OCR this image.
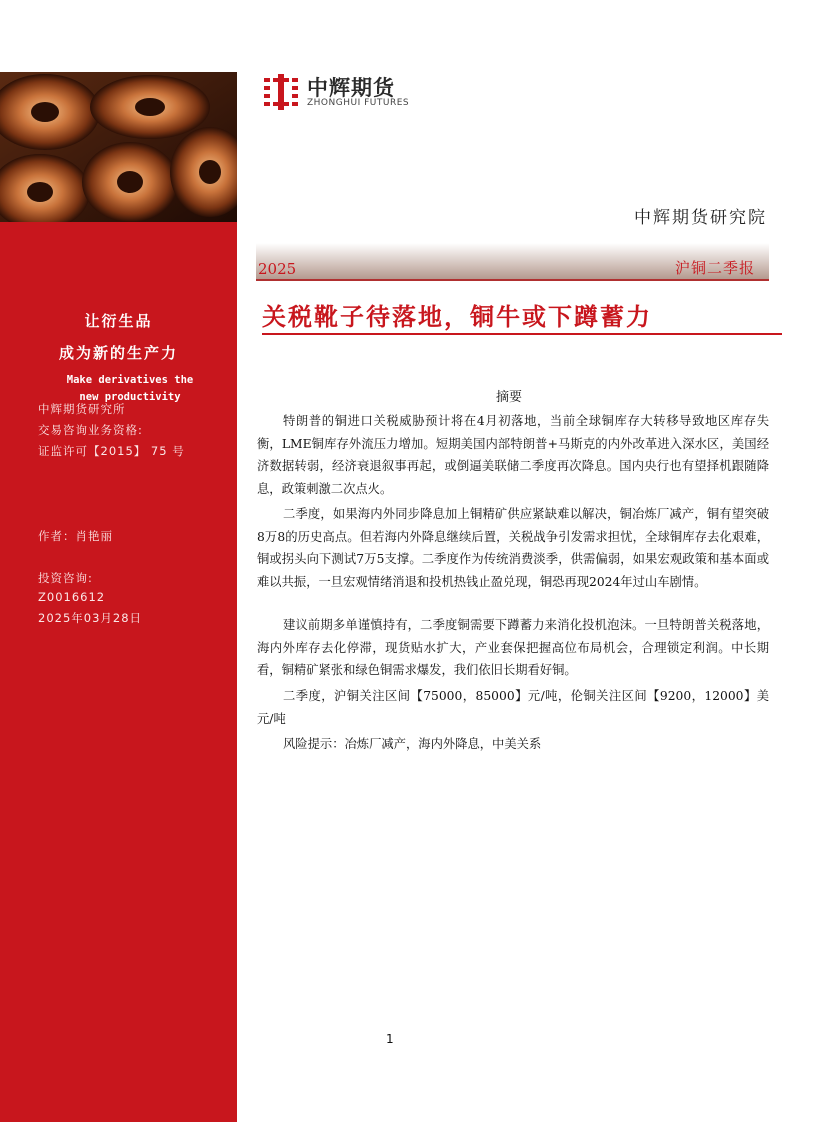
让衍生品
成为新的生产力
Make derivatives the new productivity
中辉期货研究所
交易咨询业务资格:
证监许可【2015】 75 号
作者：肖艳丽
投资咨询:
Z0016612
2025年03月28日
中辉期货
ZHONGHUI FUTURES
中辉期货研究院
2025	沪铜二季报
关税靴子待落地，铜牛或下蹲蓄力
摘要
特朗普的铜进口关税威胁预计将在4月初落地，当前全球铜库存大转移导致地区库存失衡，LME铜库存外流压力增加。短期美国内部特朗普+马斯克的内外改革进入深水区，美国经济数据转弱，经济衰退叙事再起，或倒逼美联储二季度再次降息。国内央行也有望择机跟随降息，政策刺激二次点火。
二季度，如果海内外同步降息加上铜精矿供应紧缺难以解决，铜冶炼厂减产，铜有望突破8万8的历史高点。但若海内外降息继续后置，关税战争引发需求担忧，全球铜库存去化艰难，铜或拐头向下测试7万5支撑。二季度作为传统消费淡季，供需偏弱，如果宏观政策和基本面或难以共振，一旦宏观情绪消退和投机热钱止盈兑现，铜恐再现2024年过山车剧情。
建议前期多单谨慎持有，二季度铜需要下蹲蓄力来消化投机泡沫。一旦特朗普关税落地，海内外库存去化停滞，现货贴水扩大，产业套保把握高位布局机会，合理锁定利润。中长期看，铜精矿紧张和绿色铜需求爆发，我们依旧长期看好铜。
二季度，沪铜关注区间【75000，85000】元/吨，伦铜关注区间【9200，12000】美元/吨
风险提示：冶炼厂减产，海内外降息，中美关系
1
